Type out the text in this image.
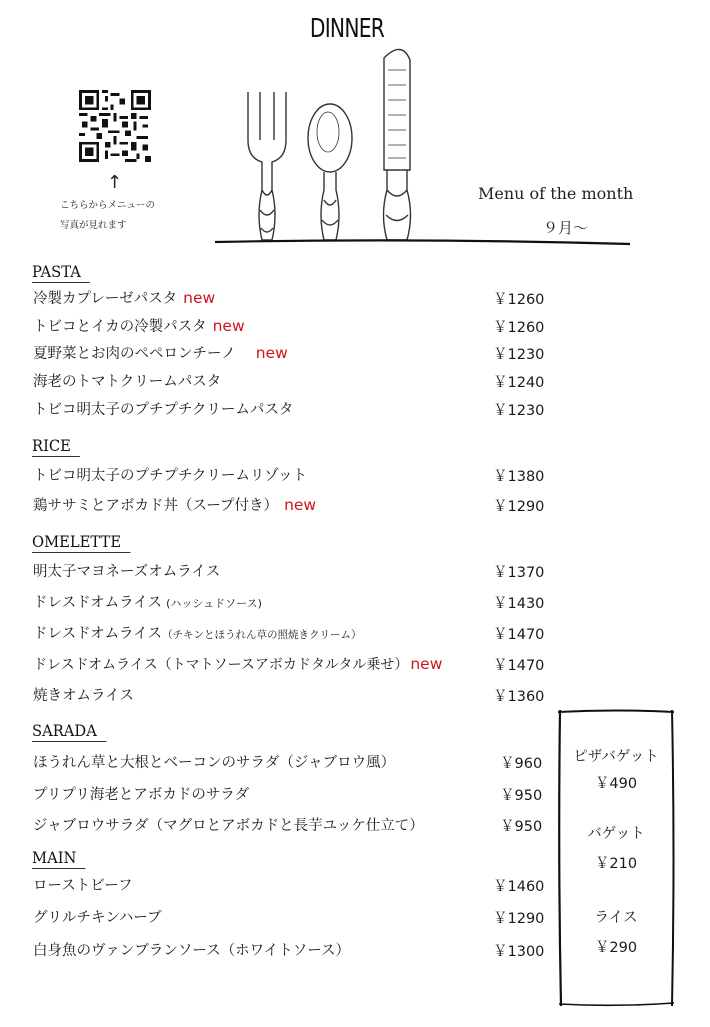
DINNER
↑
こちらからメニューの
写真が見れます
Menu of the month
９月〜
PASTA
冷製カプレーゼパスタ new	￥1260
トビコとイカの冷製パスタ new	￥1260
夏野菜とお肉のペペロンチーノ new	￥1230
海老のトマトクリームパスタ	￥1240
トビコ明太子のプチプチクリームパスタ	￥1230
RICE
トビコ明太子のプチプチクリームリゾット	￥1380
鶏ササミとアボカド丼（スープ付き） new	￥1290
OMELETTE
明太子マヨネーズオムライス	￥1370
ドレスドオムライス (ハッシュドソース)	￥1430
ドレスドオムライス（チキンとほうれん草の照焼きクリーム）	￥1470
ドレスドオムライス（トマトソースアボカドタルタル乗せ） new	￥1470
焼きオムライス	￥1360
SARADA
ほうれん草と大根とベーコンのサラダ（ジャブロウ風）	￥960
プリプリ海老とアボカドのサラダ	￥950
ジャブロウサラダ（マグロとアボカドと長芋ユッケ仕立て）	￥950
MAIN
ローストビーフ	￥1460
グリルチキンハーブ	￥1290
白身魚のヴァンブランソース（ホワイトソース）	￥1300
ピザバゲット
￥490
バゲット
￥210
ライス
￥290
